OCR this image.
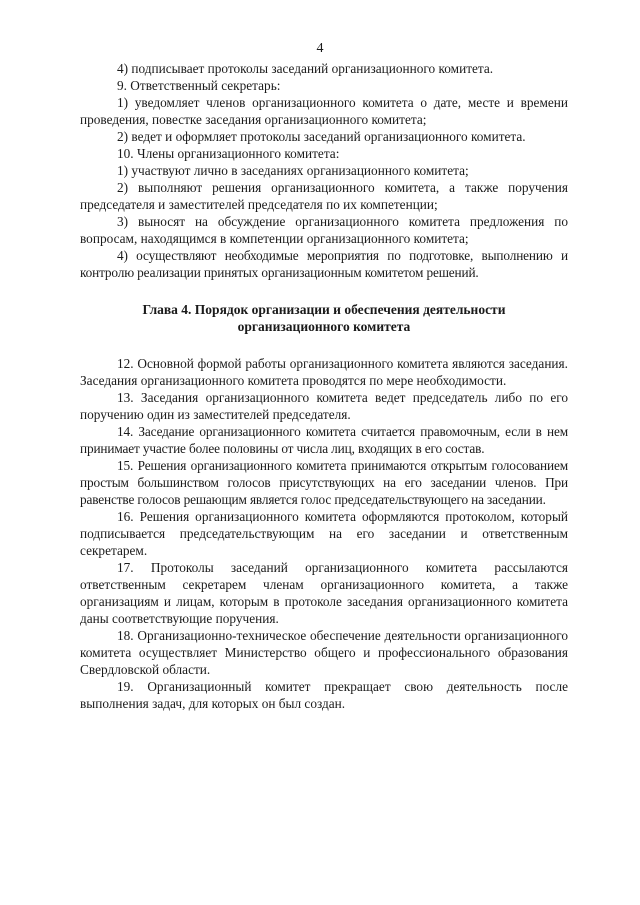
4

4) подписывает протоколы заседаний организационного комитета.

9. Ответственный секретарь:

1) уведомляет членов организационного комитета о дате, месте и времени проведения, повестке заседания организационного комитета;

2) ведет и оформляет протоколы заседаний организационного комитета.

10. Члены организационного комитета:

1) участвуют лично в заседаниях организационного комитета;

2) выполняют решения организационного комитета, а также поручения председателя и заместителей председателя по их компетенции;

3) выносят на обсуждение организационного комитета предложения по вопросам, находящимся в компетенции организационного комитета;

4) осуществляют необходимые мероприятия по подготовке, выполнению и контролю реализации принятых организационным комитетом решений.

Глава 4. Порядок организации и обеспечения деятельности
организационного комитета

12. Основной формой работы организационного комитета являются заседания. Заседания организационного комитета проводятся по мере необходимости.

13. Заседания организационного комитета ведет председатель либо по его поручению один из заместителей председателя.

14. Заседание организационного комитета считается правомочным, если в нем принимает участие более половины от числа лиц, входящих в его состав.

15. Решения организационного комитета принимаются открытым голосованием простым большинством голосов присутствующих на его заседании членов. При равенстве голосов решающим является голос председательствующего на заседании.

16. Решения организационного комитета оформляются протоколом, который подписывается председательствующим на его заседании и ответственным секретарем.

17. Протоколы заседаний организационного комитета рассылаются ответственным секретарем членам организационного комитета, а также организациям и лицам, которым в протоколе заседания организационного комитета даны соответствующие поручения.

18. Организационно-техническое обеспечение деятельности организационного комитета осуществляет Министерство общего и профессионального образования Свердловской области.

19. Организационный комитет прекращает свою деятельность после выполнения задач, для которых он был создан.
